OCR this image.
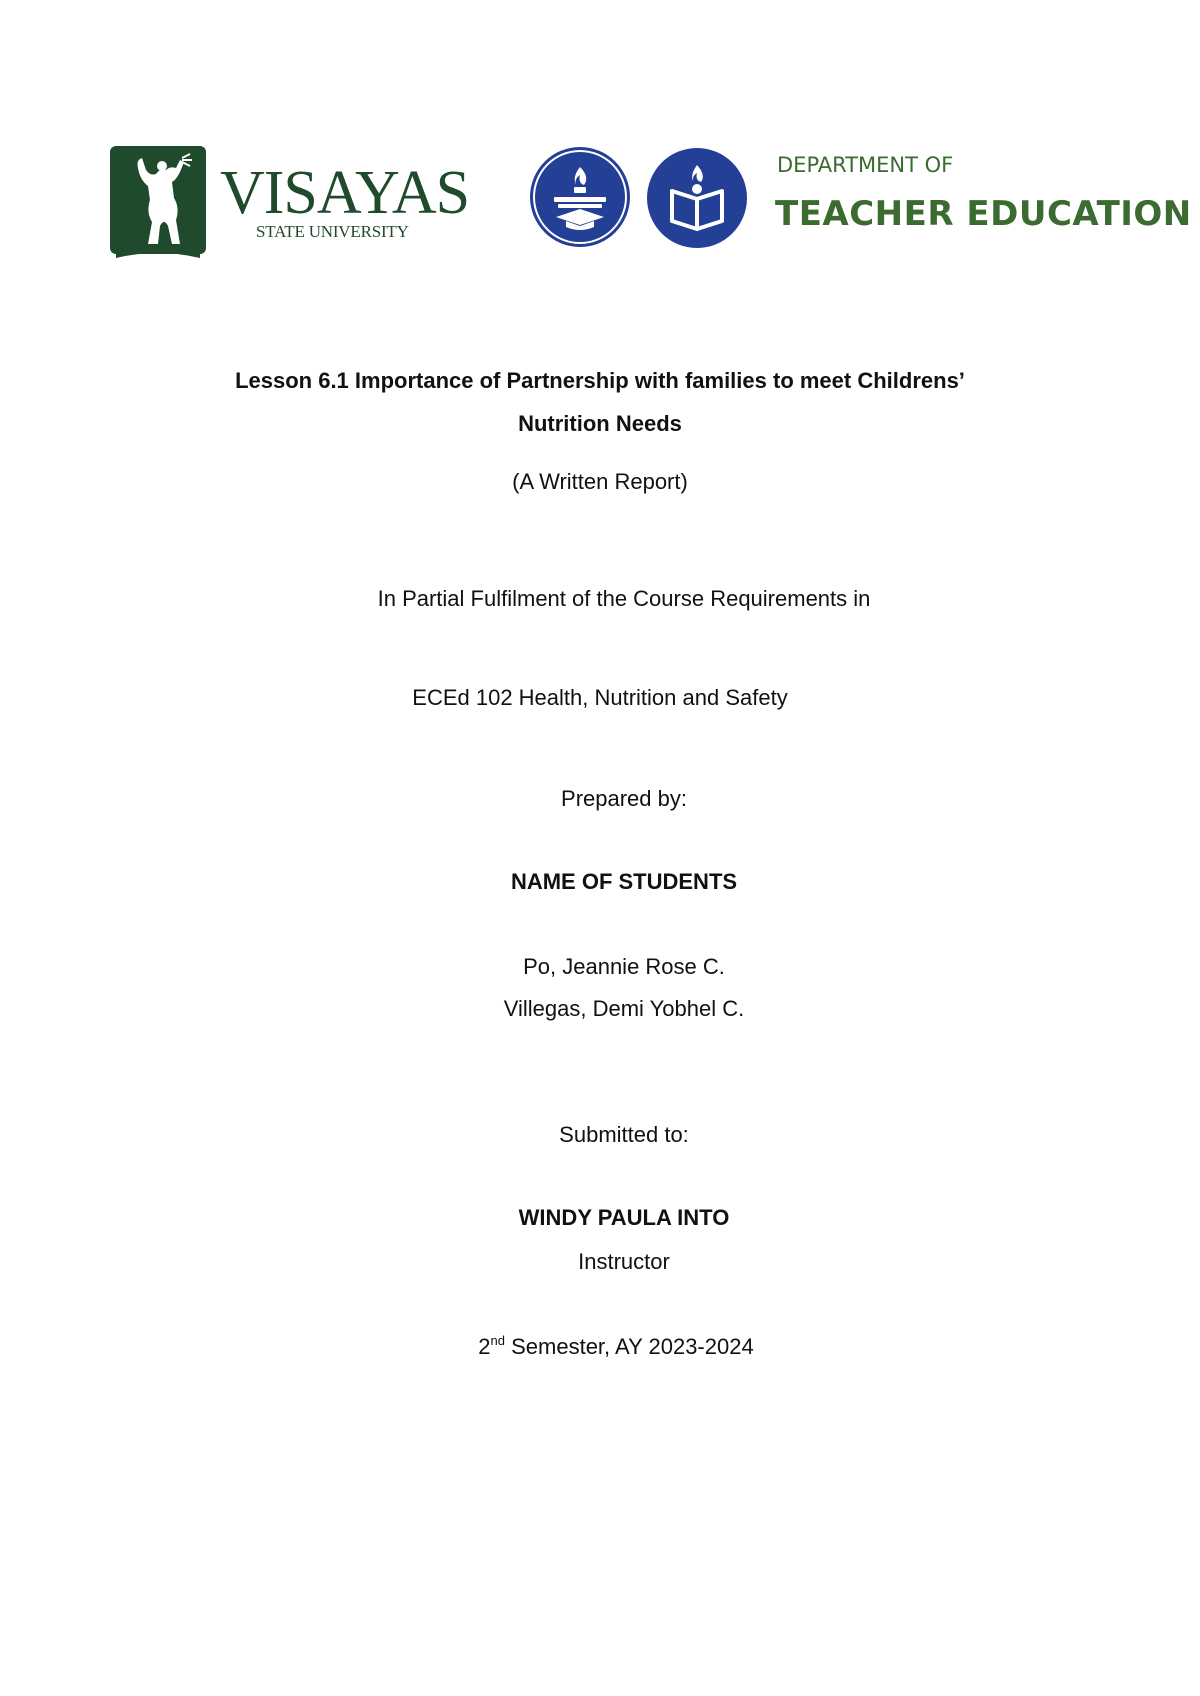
VISAYAS
STATE UNIVERSITY
DEPARTMENT OF
TEACHER EDUCATION
Lesson 6.1 Importance of Partnership with families to meet Childrens’
Nutrition Needs
(A Written Report)
In Partial Fulfilment of the Course Requirements in
ECEd 102 Health, Nutrition and Safety
Prepared by:
NAME OF STUDENTS
Po, Jeannie Rose C.
Villegas, Demi Yobhel C.
Submitted to:
WINDY PAULA INTO
Instructor
2nd Semester, AY 2023-2024
